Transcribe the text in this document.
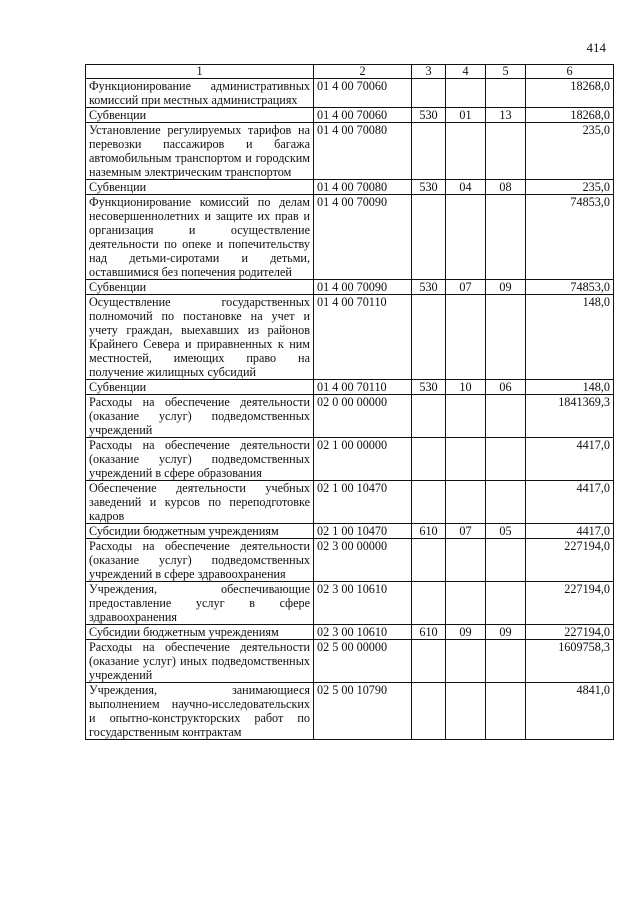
414
1	2	3	4	5	6
Функционирование административных комиссий при местных администрациях	01 4 00 70060				18268,0
Субвенции	01 4 00 70060	530	01	13	18268,0
Установление регулируемых тарифов на перевозки пассажиров и багажа автомобильным транспортом и городским наземным электрическим транспортом	01 4 00 70080				235,0
Субвенции	01 4 00 70080	530	04	08	235,0
Функционирование комиссий по делам несовершеннолетних и защите их прав и организация и осуществление деятельности по опеке и попечительству над детьми-сиротами и детьми, оставшимися без попечения родителей	01 4 00 70090				74853,0
Субвенции	01 4 00 70090	530	07	09	74853,0
Осуществление государственных полномочий по постановке на учет и учету граждан, выехавших из районов Крайнего Севера и приравненных к ним местностей, имеющих право на получение жилищных субсидий	01 4 00 70110				148,0
Субвенции	01 4 00 70110	530	10	06	148,0
Расходы на обеспечение деятельности (оказание услуг) подведомственных учреждений	02 0 00 00000				1841369,3
Расходы на обеспечение деятельности (оказание услуг) подведомственных учреждений в сфере образования	02 1 00 00000				4417,0
Обеспечение деятельности учебных заведений и курсов по переподготовке кадров	02 1 00 10470				4417,0
Субсидии бюджетным учреждениям	02 1 00 10470	610	07	05	4417,0
Расходы на обеспечение деятельности (оказание услуг) подведомственных учреждений в сфере здравоохранения	02 3 00 00000				227194,0
Учреждения, обеспечивающие предоставление услуг в сфере здравоохранения	02 3 00 10610				227194,0
Субсидии бюджетным учреждениям	02 3 00 10610	610	09	09	227194,0
Расходы на обеспечение деятельности (оказание услуг) иных подведомственных учреждений	02 5 00 00000				1609758,3
Учреждения, занимающиеся выполнением научно-исследовательских и опытно-конструкторских работ по государственным контрактам	02 5 00 10790				4841,0
